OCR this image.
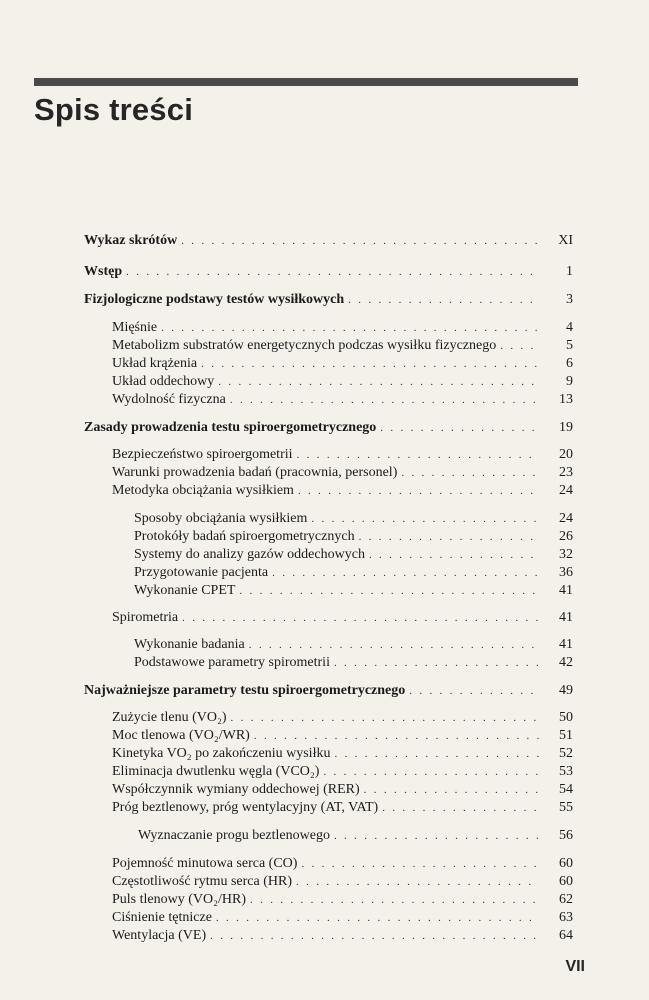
Spis treści
Wykaz skrótów . . .	XI
Wstęp . . .	1
Fizjologiczne podstawy testów wysiłkowych . . .	3
Mięśnie . . .	4
Metabolizm substratów energetycznych podczas wysiłku fizycznego . . .	5
Układ krążenia . . .	6
Układ oddechowy . . .	9
Wydolność fizyczna . . .	13
Zasady prowadzenia testu spiroergometrycznego . . .	19
Bezpieczeństwo spiroergometrii . . .	20
Warunki prowadzenia badań (pracownia, personel) . . .	23
Metodyka obciążania wysiłkiem . . .	24
Sposoby obciążania wysiłkiem . . .	24
Protokóły badań spiroergometrycznych . . .	26
Systemy do analizy gazów oddechowych . . .	32
Przygotowanie pacjenta . . .	36
Wykonanie CPET . . .	41
Spirometria . . .	41
Wykonanie badania . . .	41
Podstawowe parametry spirometrii . . .	42
Najważniejsze parametry testu spiroergometrycznego . . .	49
Zużycie tlenu (VO₂) . . .	50
Moc tlenowa (VO₂/WR) . . .	51
Kinetyka VO₂ po zakończeniu wysiłku . . .	52
Eliminacja dwutlenku węgla (VCO₂) . . .	53
Współczynnik wymiany oddechowej (RER) . . .	54
Próg beztlenowy, próg wentylacyjny (AT, VAT) . . .	55
Wyznaczanie progu beztlenowego . . .	56
Pojemność minutowa serca (CO) . . .	60
Częstotliwość rytmu serca (HR) . . .	60
Puls tlenowy (VO₂/HR) . . .	62
Ciśnienie tętnicze . . .	63
Wentylacja (VE) . . .	64
VII
